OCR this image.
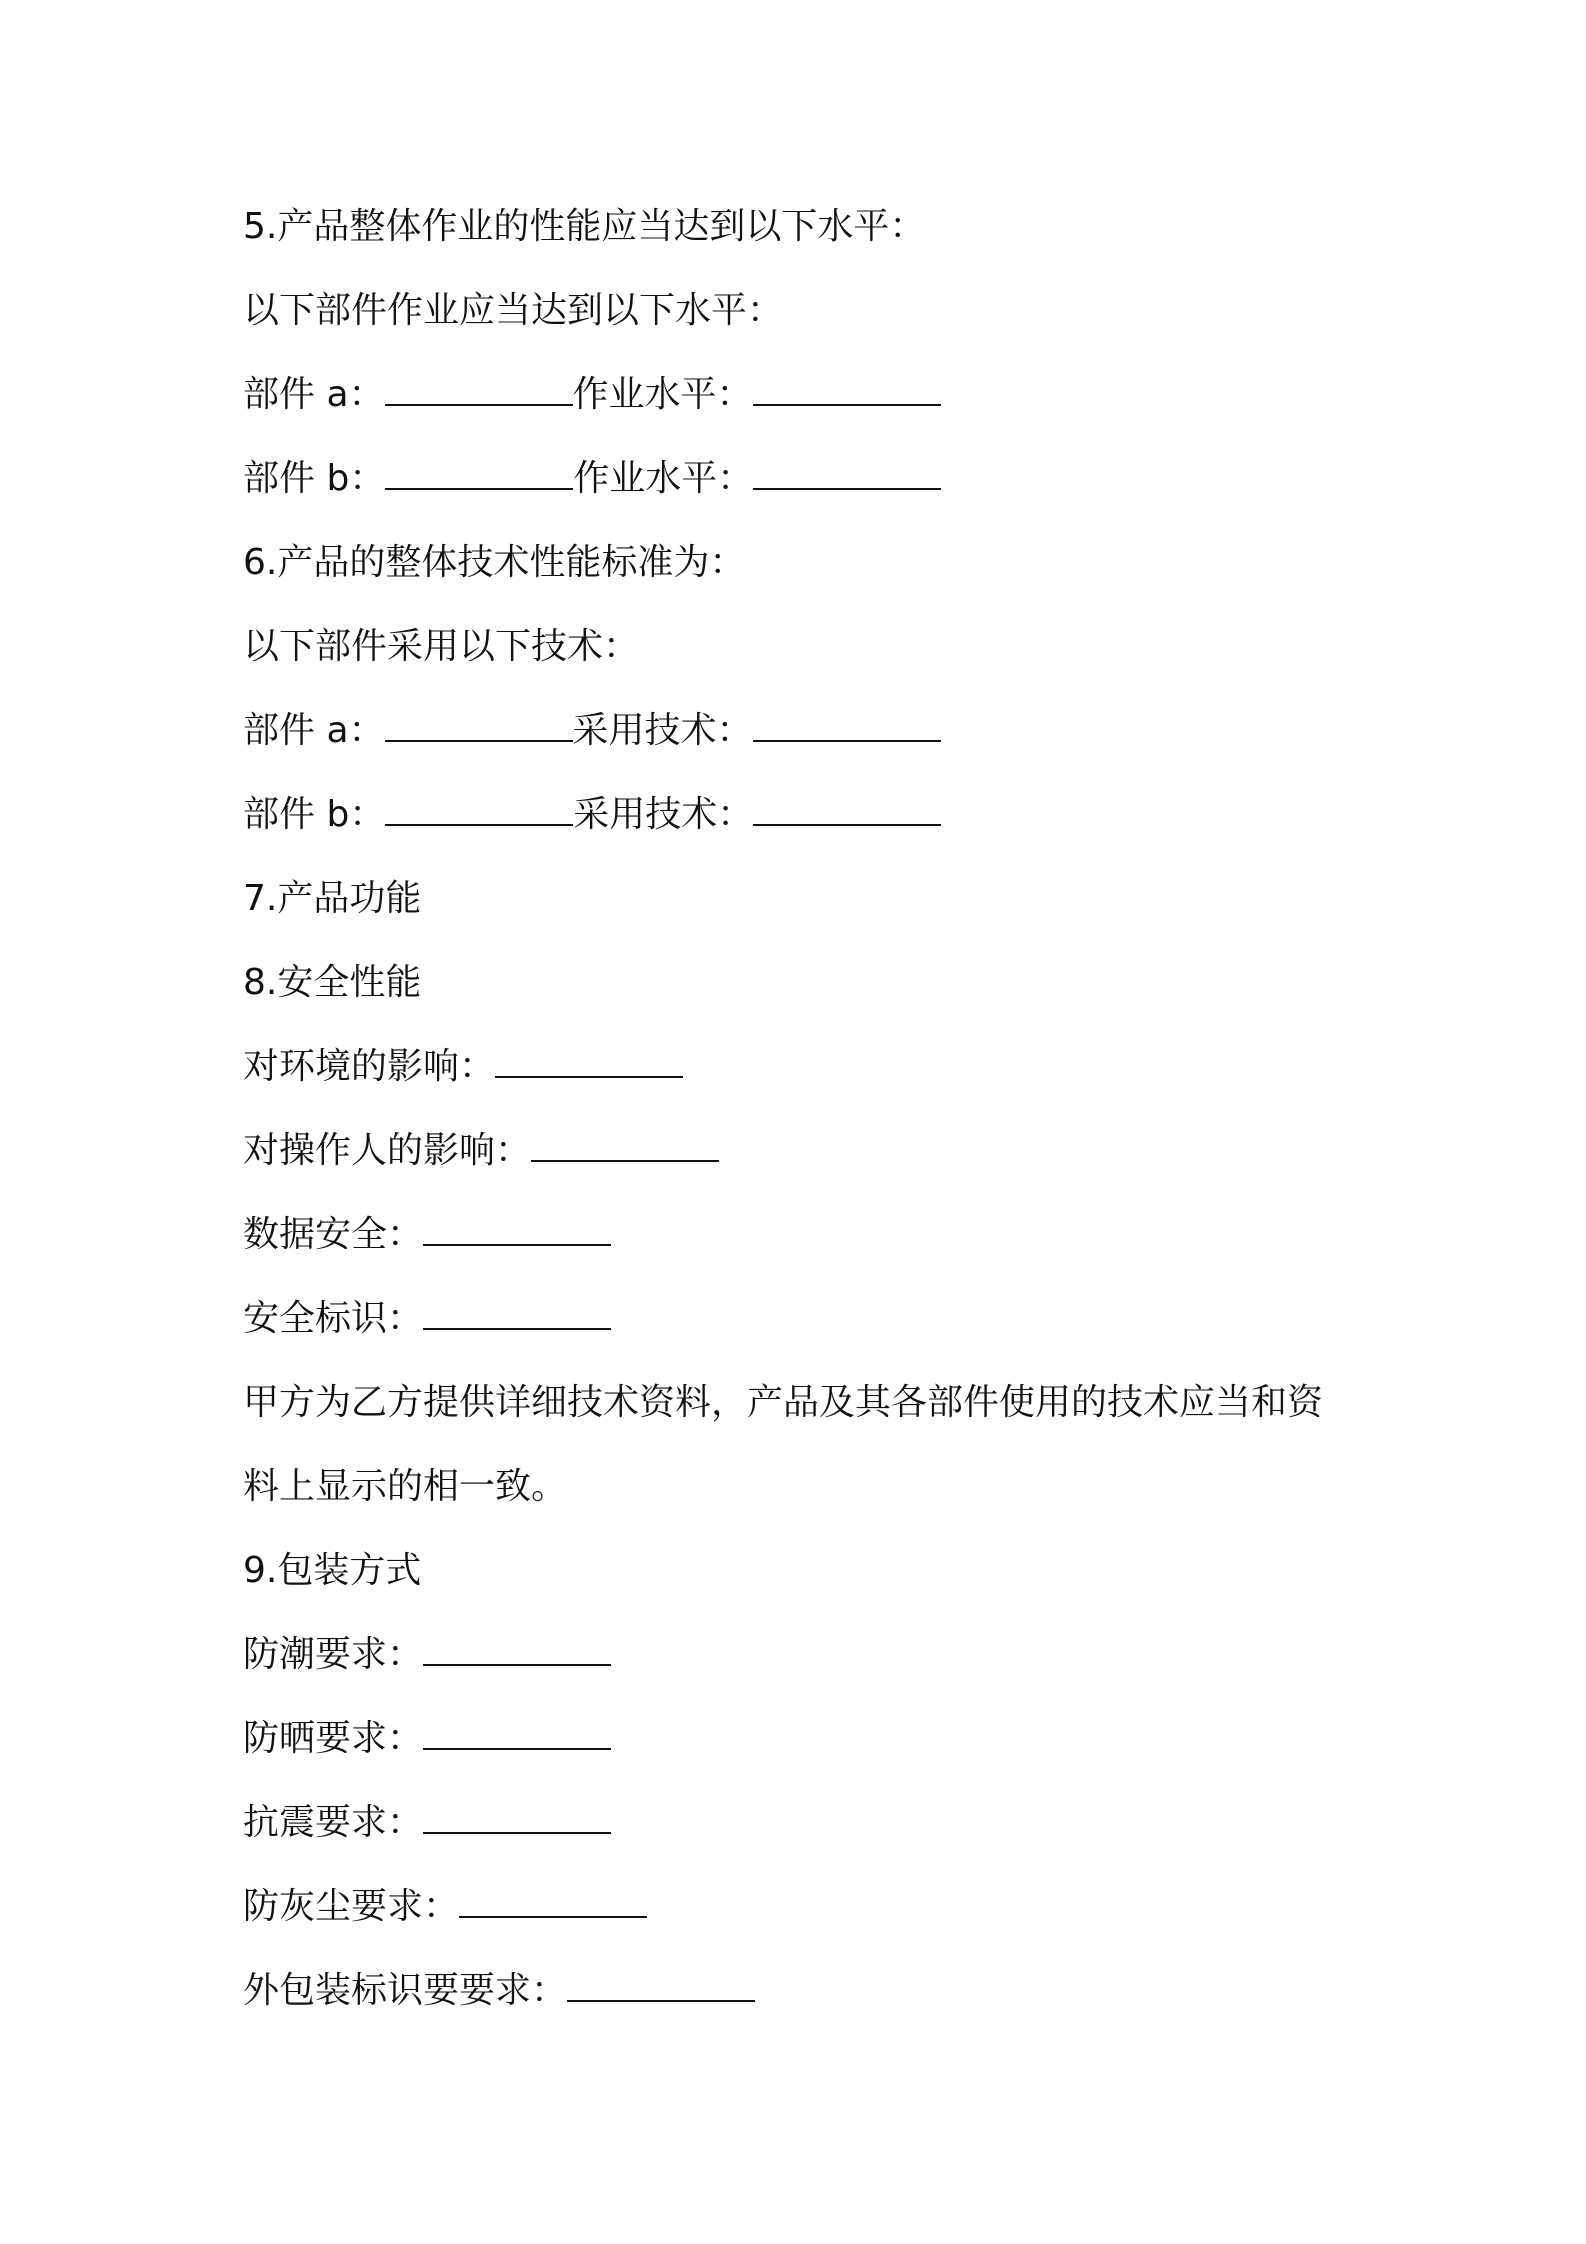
5.产品整体作业的性能应当达到以下水平：
以下部件作业应当达到以下水平：
部件 a：	作业水平：
部件 b：	作业水平：
6.产品的整体技术性能标准为：
以下部件采用以下技术：
部件 a：	采用技术：
部件 b：	采用技术：
7.产品功能
8.安全性能
对环境的影响：
对操作人的影响：
数据安全：
安全标识：
甲方为乙方提供详细技术资料，产品及其各部件使用的技术应当和资
料上显示的相一致。
9.包装方式
防潮要求：
防晒要求：
抗震要求：
防灰尘要求：
外包装标识要要求：
